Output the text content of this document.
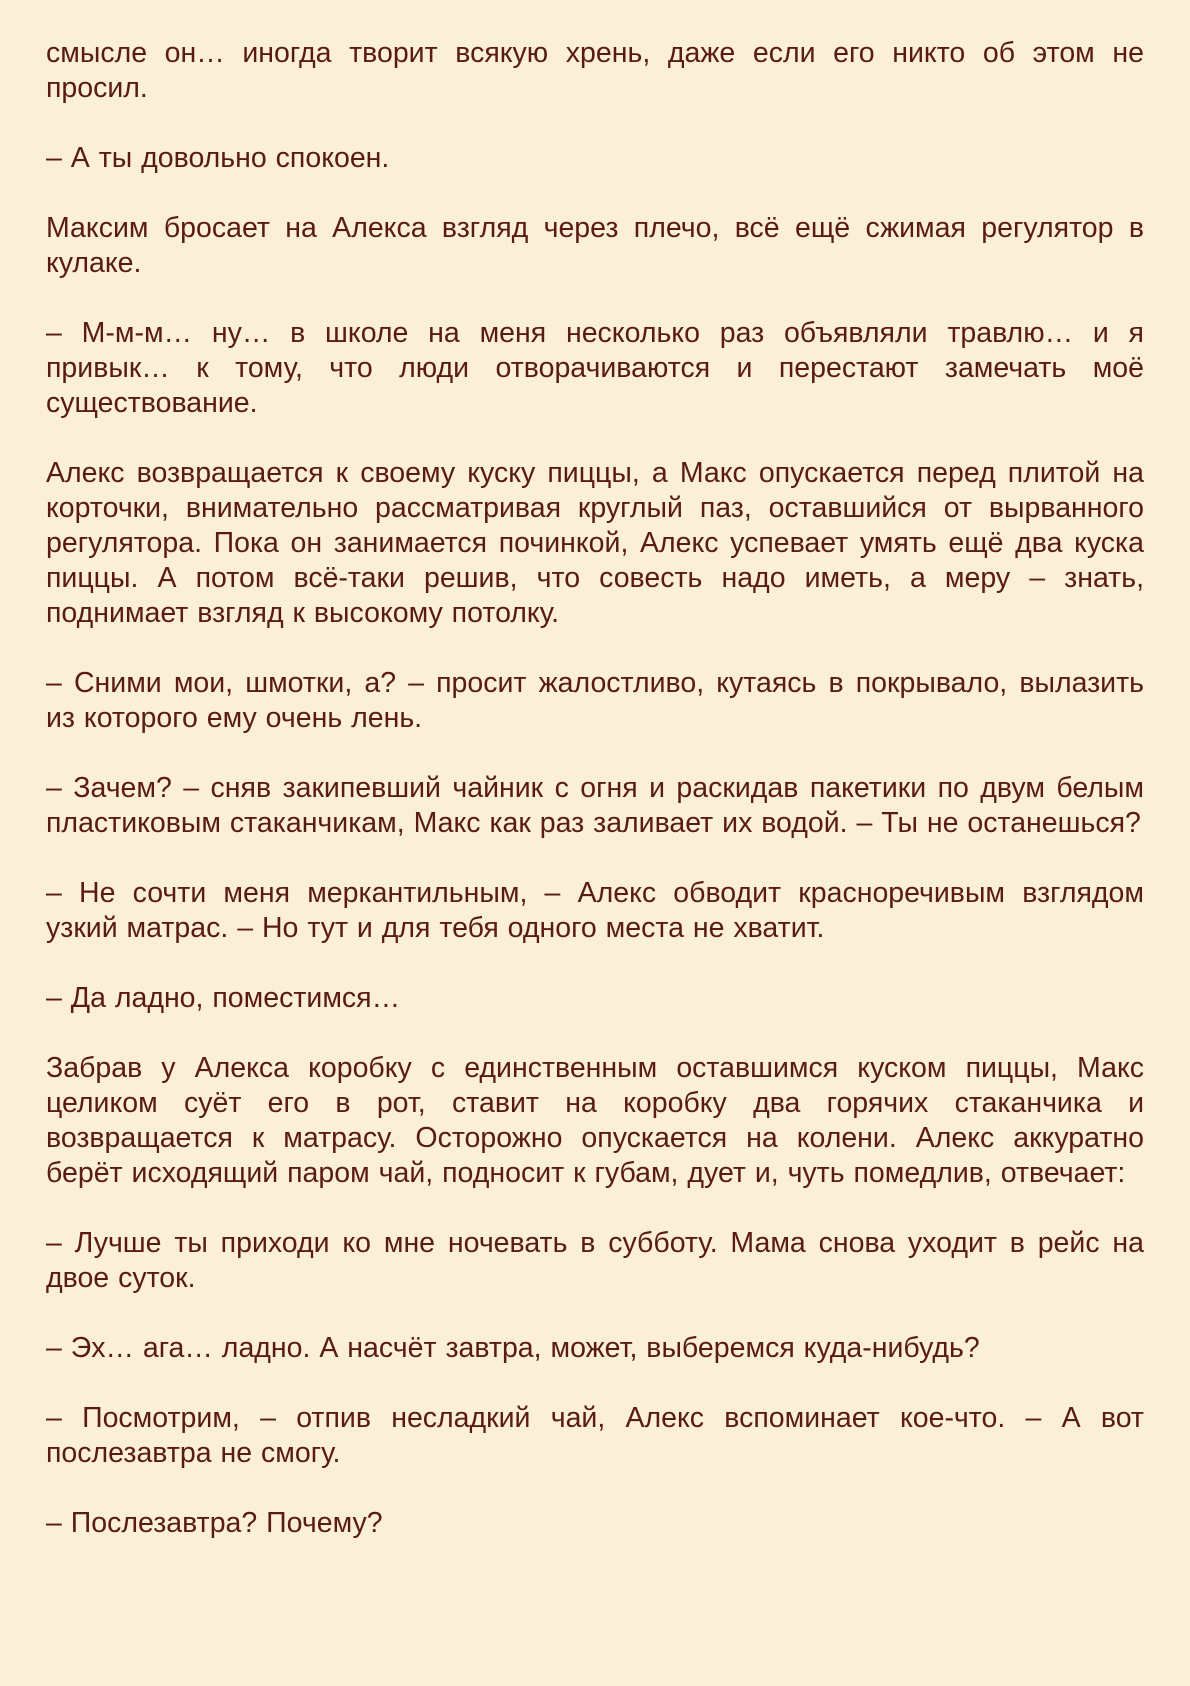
смысле он… иногда творит всякую хрень, даже если его никто об этом не просил.

– А ты довольно спокоен.

Максим бросает на Алекса взгляд через плечо, всё ещё сжимая регулятор в кулаке.

– М-м-м… ну… в школе на меня несколько раз объявляли травлю… и я привык… к тому, что люди отворачиваются и перестают замечать моё существование.

Алекс возвращается к своему куску пиццы, а Макс опускается перед плитой на корточки, внимательно рассматривая круглый паз, оставшийся от вырванного регулятора. Пока он занимается починкой, Алекс успевает умять ещё два куска пиццы. А потом всё-таки решив, что совесть надо иметь, а меру – знать, поднимает взгляд к высокому потолку.

– Сними мои, шмотки, а? – просит жалостливо, кутаясь в покрывало, вылазить из которого ему очень лень.

– Зачем? – сняв закипевший чайник с огня и раскидав пакетики по двум белым пластиковым стаканчикам, Макс как раз заливает их водой. – Ты не останешься?

– Не сочти меня меркантильным, – Алекс обводит красноречивым взглядом узкий матрас. – Но тут и для тебя одного места не хватит.

– Да ладно, поместимся…

Забрав у Алекса коробку с единственным оставшимся куском пиццы, Макс целиком суёт его в рот, ставит на коробку два горячих стаканчика и возвращается к матрасу. Осторожно опускается на колени. Алекс аккуратно берёт исходящий паром чай, подносит к губам, дует и, чуть помедлив, отвечает:

– Лучше ты приходи ко мне ночевать в субботу. Мама снова уходит в рейс на двое суток.

– Эх… ага… ладно. А насчёт завтра, может, выберемся куда-нибудь?

– Посмотрим, – отпив несладкий чай, Алекс вспоминает кое-что. – А вот послезавтра не смогу.

– Послезавтра? Почему?
